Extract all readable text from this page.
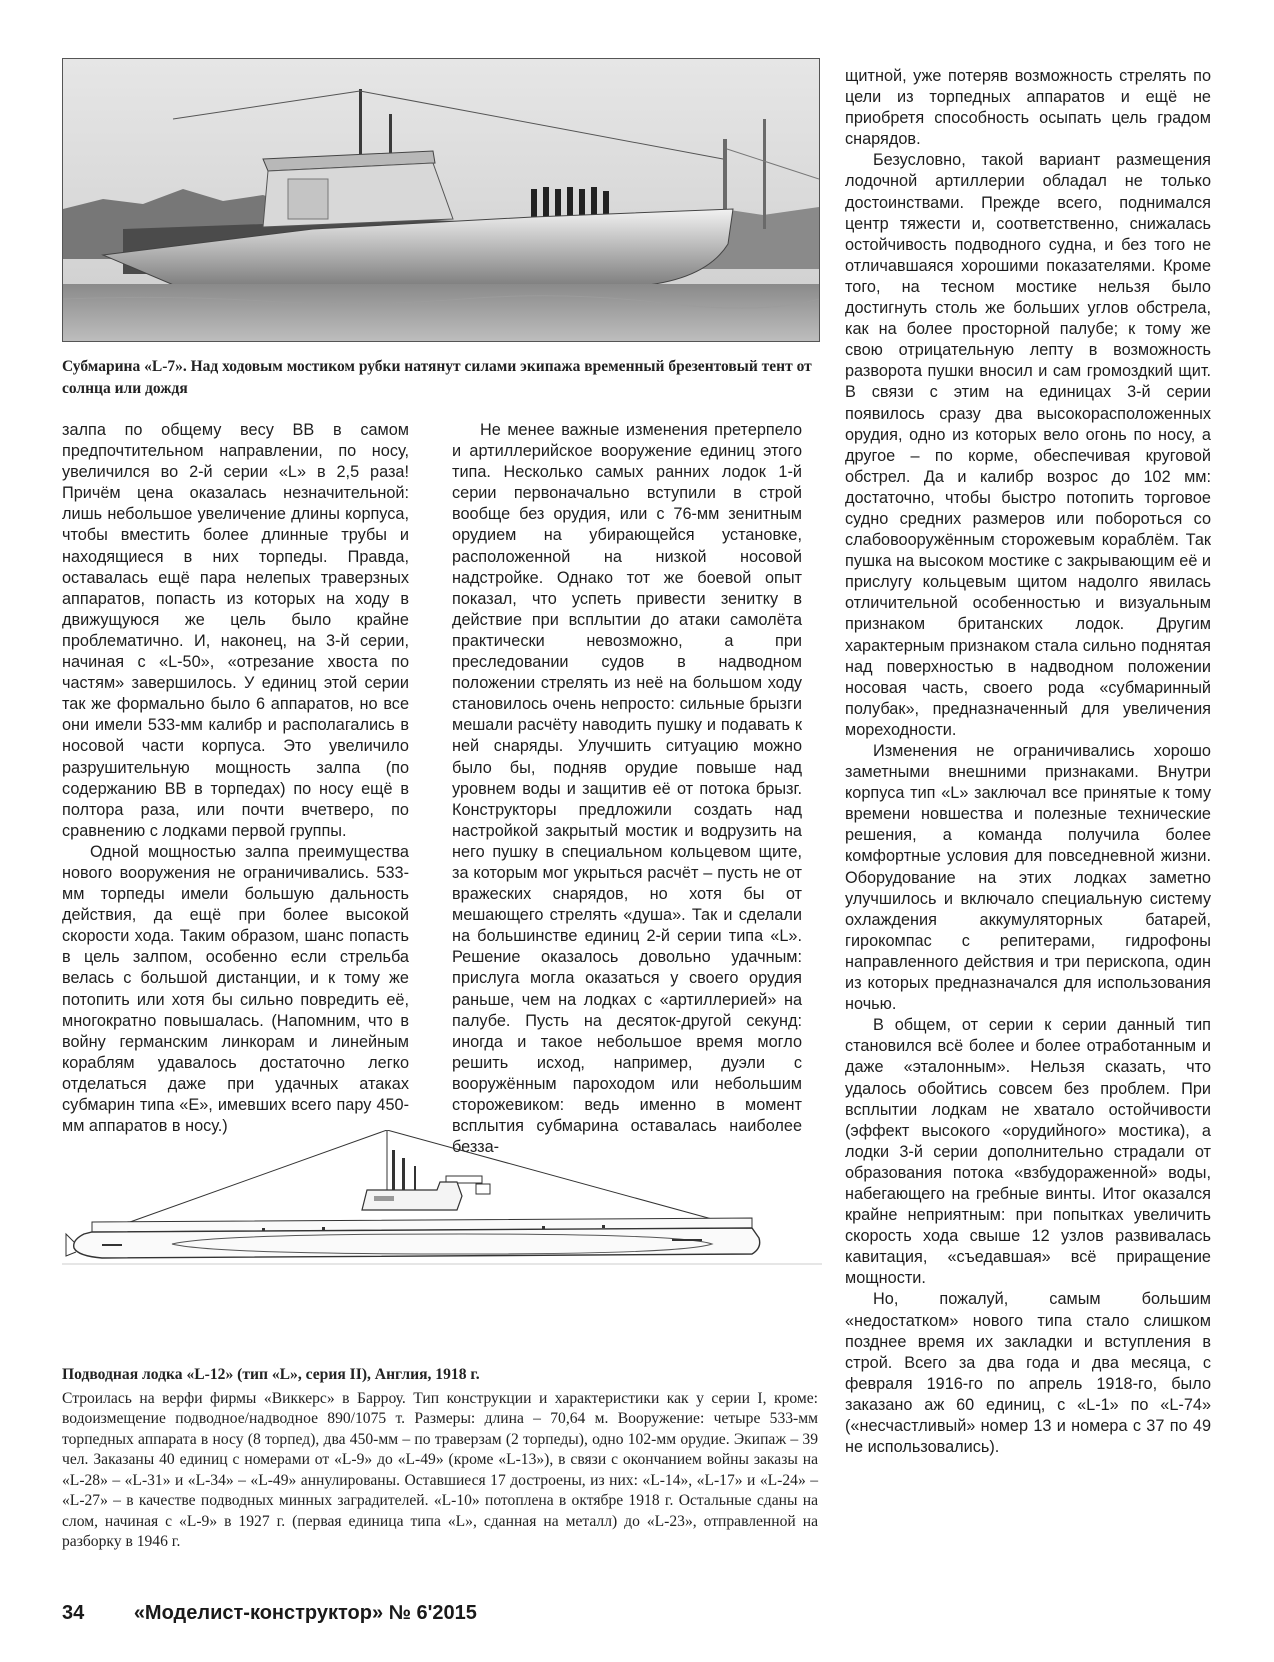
Субмарина «L-7». Над ходовым мостиком рубки натянут силами экипажа временный брезентовый тент от солнца или дождя

залпа по общему весу ВВ в самом предпочтительном направлении, по носу, увеличился во 2-й серии «L» в 2,5 раза! Причём цена оказалась незначительной: лишь небольшое увеличение длины корпуса, чтобы вместить более длинные трубы и находящиеся в них торпеды. Правда, оставалась ещё пара нелепых траверзных аппаратов, попасть из которых на ходу в движущуюся же цель было крайне проблематично. И, наконец, на 3-й серии, начиная с «L-50», «отрезание хвоста по частям» завершилось. У единиц этой серии так же формально было 6 аппаратов, но все они имели 533-мм калибр и располагались в носовой части корпуса. Это увеличило разрушительную мощность залпа (по содержанию ВВ в торпедах) по носу ещё в полтора раза, или почти вчетверо, по сравнению с лодками первой группы.

Одной мощностью залпа преимущества нового вооружения не ограничивались. 533-мм торпеды имели большую дальность действия, да ещё при более высокой скорости хода. Таким образом, шанс попасть в цель залпом, особенно если стрельба велась с большой дистанции, и к тому же потопить или хотя бы сильно повредить её, многократно повышалась. (Напомним, что в войну германским линкорам и линейным кораблям удавалось достаточно легко отделаться даже при удачных атаках субмарин типа «Е», имевших всего пару 450-мм аппаратов в носу.)

Не менее важные изменения претерпело и артиллерийское вооружение единиц этого типа. Несколько самых ранних лодок 1-й серии первоначально вступили в строй вообще без орудия, или с 76-мм зенитным орудием на убирающейся установке, расположенной на низкой носовой надстройке. Однако тот же боевой опыт показал, что успеть привести зенитку в действие при всплытии до атаки самолёта практически невозможно, а при преследовании судов в надводном положении стрелять из неё на большом ходу становилось очень непросто: сильные брызги мешали расчёту наводить пушку и подавать к ней снаряды. Улучшить ситуацию можно было бы, подняв орудие повыше над уровнем воды и защитив её от потока брызг. Конструкторы предложили создать над настройкой закрытый мостик и водрузить на него пушку в специальном кольцевом щите, за которым мог укрыться расчёт – пусть не от вражеских снарядов, но хотя бы от мешающего стрелять «душа». Так и сделали на большинстве единиц 2-й серии типа «L». Решение оказалось довольно удачным: прислуга могла оказаться у своего орудия раньше, чем на лодках с «артиллерией» на палубе. Пусть на десяток-другой секунд: иногда и такое небольшое время могло решить исход, например, дуэли с вооружённым пароходом или небольшим сторожевиком: ведь именно в момент всплытия субмарина оставалась наиболее безза-

щитной, уже потеряв возможность стрелять по цели из торпедных аппаратов и ещё не приобретя способность осыпать цель градом снарядов.

Безусловно, такой вариант размещения лодочной артиллерии обладал не только достоинствами. Прежде всего, поднимался центр тяжести и, соответственно, снижалась остойчивость подводного судна, и без того не отличавшаяся хорошими показателями. Кроме того, на тесном мостике нельзя было достигнуть столь же больших углов обстрела, как на более просторной палубе; к тому же свою отрицательную лепту в возможность разворота пушки вносил и сам громоздкий щит. В связи с этим на единицах 3-й серии появилось сразу два высокорасположенных орудия, одно из которых вело огонь по носу, а другое – по корме, обеспечивая круговой обстрел. Да и калибр возрос до 102 мм: достаточно, чтобы быстро потопить торговое судно средних размеров или побороться со слабовооружённым сторожевым кораблём. Так пушка на высоком мостике с закрывающим её и прислугу кольцевым щитом надолго явилась отличительной особенностью и визуальным признаком британских лодок. Другим характерным признаком стала сильно поднятая над поверхностью в надводном положении носовая часть, своего рода «субмаринный полубак», предназначенный для увеличения мореходности.

Изменения не ограничивались хорошо заметными внешними признаками. Внутри корпуса тип «L» заключал все принятые к тому времени новшества и полезные технические решения, а команда получила более комфортные условия для повседневной жизни. Оборудование на этих лодках заметно улучшилось и включало специальную систему охлаждения аккумуляторных батарей, гирокомпас с репитерами, гидрофоны направленного действия и три перископа, один из которых предназначался для использования ночью.

В общем, от серии к серии данный тип становился всё более и более отработанным и даже «эталонным». Нельзя сказать, что удалось обойтись совсем без проблем. При всплытии лодкам не хватало остойчивости (эффект высокого «орудийного» мостика), а лодки 3-й серии дополнительно страдали от образования потока «взбудораженной» воды, набегающего на гребные винты. Итог оказался крайне неприятным: при попытках увеличить скорость хода свыше 12 узлов развивалась кавитация, «съедавшая» всё приращение мощности.

Но, пожалуй, самым большим «недостатком» нового типа стало слишком позднее время их закладки и вступления в строй. Всего за два года и два месяца, с февраля 1916-го по апрель 1918-го, было заказано аж 60 единиц, с «L-1» по «L-74» («несчастливый» номер 13 и номера с 37 по 49 не использовались).

Подводная лодка «L-12» (тип «L», серия II), Англия, 1918 г.
Строилась на верфи фирмы «Виккерс» в Барроу. Тип конструкции и характеристики как у серии I, кроме: водоизмещение подводное/надводное 890/1075 т. Размеры: длина – 70,64 м. Вооружение: четыре 533-мм торпедных аппарата в носу (8 торпед), два 450-мм – по траверзам (2 торпеды), одно 102-мм орудие. Экипаж – 39 чел. Заказаны 40 единиц с номерами от «L-9» до «L-49» (кроме «L-13»), в связи с окончанием войны заказы на «L-28» – «L-31» и «L-34» – «L-49» аннулированы. Оставшиеся 17 достроены, из них: «L-14», «L-17» и «L-24» – «L-27» – в качестве подводных минных заградителей. «L-10» потоплена в октябре 1918 г. Остальные сданы на слом, начиная с «L-9» в 1927 г. (первая единица типа «L», сданная на металл) до «L-23», отправленной на разборку в 1946 г.
34 «Моделист-конструктор» № 6'2015
